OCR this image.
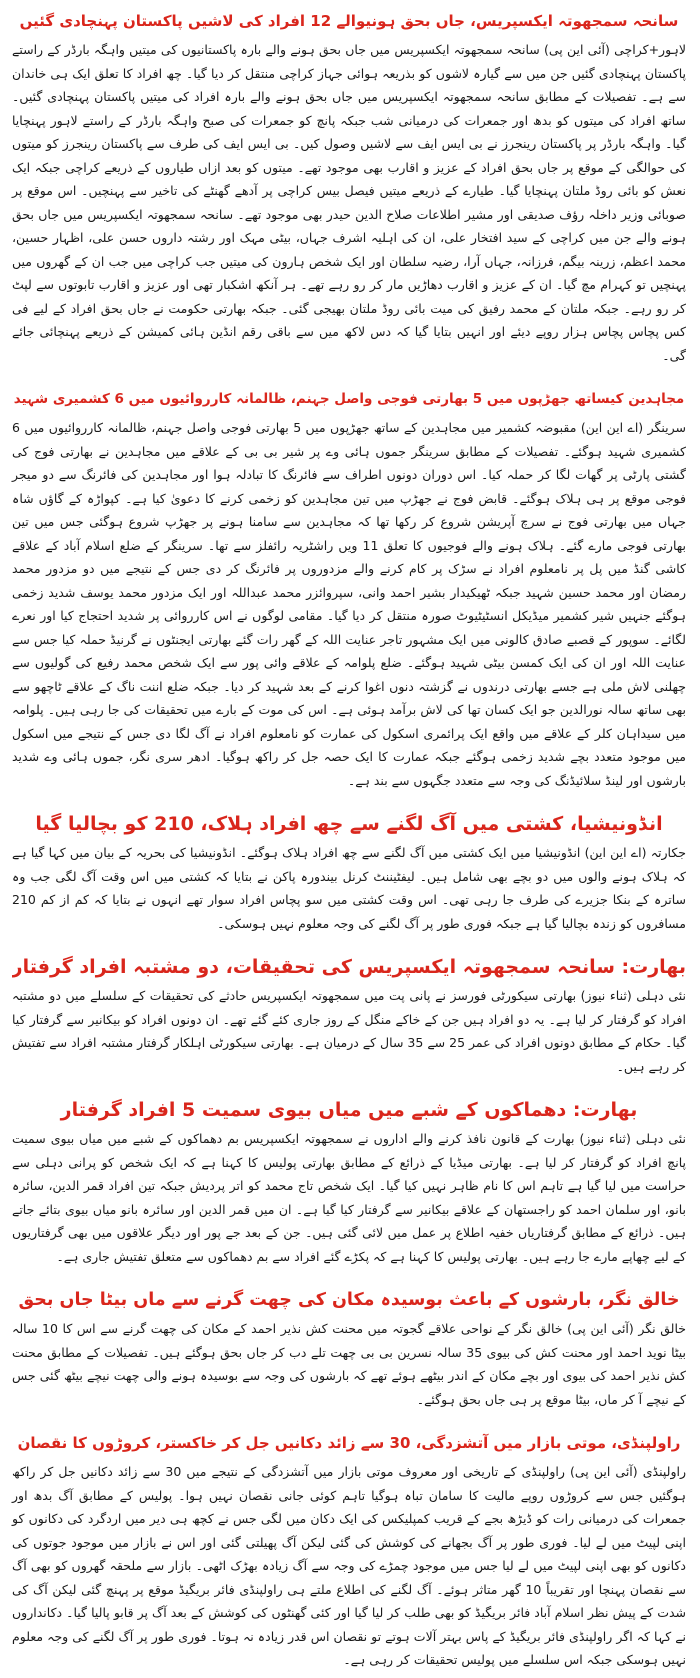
سانحہ سمجھوتہ ایکسپریس، جاں بحق ہونیوالے 12 افراد کی لاشیں پاکستان پہنچادی گئیں

لاہور+کراچی (آئی این پی) سانحہ سمجھوتہ ایکسپریس میں جاں بحق ہونے والے بارہ پاکستانیوں کی میتیں واہگہ بارڈر کے راستے پاکستان پہنچادی گئیں جن میں سے گیارہ لاشوں کو بذریعہ ہوائی جہاز کراچی منتقل کر دیا گیا۔ چھ افراد کا تعلق ایک ہی خاندان سے ہے۔ تفصیلات کے مطابق سانحہ سمجھوتہ ایکسپریس میں جاں بحق ہونے والے بارہ افراد کی میتیں پاکستان پہنچادی گئیں۔ ساتھ افراد کی میتوں کو بدھ اور جمعرات کی درمیانی شب جبکہ پانچ کو جمعرات کی صبح واہگہ بارڈر کے راستے لاہور پہنچایا گیا۔ واہگہ بارڈر پر پاکستان رینجرز نے بی ایس ایف سے لاشیں وصول کیں۔ بی ایس ایف کی طرف سے پاکستان رینجرز کو میتوں کی حوالگی کے موقع پر جاں بحق افراد کے عزیز و اقارب بھی موجود تھے۔ میتوں کو بعد ازاں طیاروں کے ذریعے کراچی جبکہ ایک نعش کو بائی روڈ ملتان پہنچایا گیا۔ طیارے کے ذریعے میتیں فیصل بیس کراچی پر آدھے گھنٹے کی تاخیر سے پہنچیں۔ اس موقع پر صوبائی وزیر داخلہ رؤف صدیقی اور مشیر اطلاعات صلاح الدین حیدر بھی موجود تھے۔ سانحہ سمجھوتہ ایکسپریس میں جاں بحق ہونے والے جن میں کراچی کے سید افتخار علی، ان کی اہلیہ اشرف جہاں، بیٹی مہک اور رشتہ داروں حسن علی، اظہار حسین، محمد اعظم، زرینہ بیگم، فرزانہ، جہاں آرا، رضیہ سلطان اور ایک شخص ہارون کی میتیں جب کراچی میں جب ان کے گھروں میں پہنچیں تو کہرام مچ گیا۔ ان کے عزیز و اقارب دھاڑیں مار کر رو رہے تھے۔ ہر آنکھ اشکبار تھی اور عزیز و اقارب تابوتوں سے لپٹ کر رو رہے۔ جبکہ ملتان کے محمد رفیق کی میت بائی روڈ ملتان بھیجی گئی۔ جبکہ بھارتی حکومت نے جاں بحق افراد کے لیے فی کس پچاس پچاس ہزار روپے دیئے اور انہیں بتایا گیا کہ دس لاکھ میں سے باقی رقم انڈین ہائی کمیشن کے ذریعے پہنچائی جائے گی۔

مجاہدین کیساتھ جھڑپوں میں 5 بھارتی فوجی واصل جہنم، ظالمانہ کارروائیوں میں 6 کشمیری شہید

سرینگر (اے این این) مقبوضہ کشمیر میں مجاہدین کے ساتھ جھڑپوں میں 5 بھارتی فوجی واصل جہنم، ظالمانہ کارروائیوں میں 6 کشمیری شہید ہوگئے۔ تفصیلات کے مطابق سرینگر جموں ہائی وے پر شیر بی بی کے علاقے میں مجاہدین نے بھارتی فوج کی گشتی پارٹی پر گھات لگا کر حملہ کیا۔ اس دوران دونوں اطراف سے فائرنگ کا تبادلہ ہوا اور مجاہدین کی فائرنگ سے دو میجر فوجی موقع پر ہی ہلاک ہوگئے۔ قابض فوج نے جھڑپ میں تین مجاہدین کو زخمی کرنے کا دعویٰ کیا ہے۔ کپواڑہ کے گاؤں شاہ جہاں میں بھارتی فوج نے سرچ آپریشن شروع کر رکھا تھا کہ مجاہدین سے سامنا ہونے پر جھڑپ شروع ہوگئی جس میں تین بھارتی فوجی مارے گئے۔ ہلاک ہونے والے فوجیوں کا تعلق 11 ویں راشٹریہ رائفلز سے تھا۔ سرینگر کے ضلع اسلام آباد کے علاقے کاشی گنڈ میں پل پر نامعلوم افراد نے سڑک پر کام کرنے والے مزدوروں پر فائرنگ کر دی جس کے نتیجے میں دو مزدور محمد رمضان اور محمد حسین شہید جبکہ ٹھیکیدار بشیر احمد وانی، سپروائزر محمد عبداللہ اور ایک مزدور محمد یوسف شدید زخمی ہوگئے جنہیں شیر کشمیر میڈیکل انسٹیٹیوٹ صورہ منتقل کر دیا گیا۔ مقامی لوگوں نے اس کارروائی پر شدید احتجاج کیا اور نعرے لگائے۔ سوپور کے قصبے صادق کالونی میں ایک مشہور تاجر عنایت اللہ کے گھر رات گئے بھارتی ایجنٹوں نے گرنیڈ حملہ کیا جس سے عنایت اللہ اور ان کی ایک کمسن بیٹی شہید ہوگئے۔ ضلع پلوامہ کے علاقے وائی پور سے ایک شخص محمد رفیع کی گولیوں سے چھلنی لاش ملی ہے جسے بھارتی درندوں نے گزشتہ دنوں اغوا کرنے کے بعد شہید کر دیا۔ جبکہ ضلع اننت ناگ کے علاقے ٹاچھو سے بھی ساتھ سالہ نورالدین جو ایک کسان تھا کی لاش برآمد ہوئی ہے۔ اس کی موت کے بارے میں تحقیقات کی جا رہی ہیں۔ پلوامہ میں سیداہان کلر کے علاقے میں واقع ایک پرائمری اسکول کی عمارت کو نامعلوم افراد نے آگ لگا دی جس کے نتیجے میں اسکول میں موجود متعدد بچے شدید زخمی ہوگئے جبکہ عمارت کا ایک حصہ جل کر راکھ ہوگیا۔ ادھر سری نگر، جموں ہائی وے شدید بارشوں اور لینڈ سلائیڈنگ کی وجہ سے متعدد جگہوں سے بند ہے۔

انڈونیشیا، کشتی میں آگ لگنے سے چھ افراد ہلاک، 210 کو بچالیا گیا

جکارتہ (اے این این) انڈونیشیا میں ایک کشتی میں آگ لگنے سے چھ افراد ہلاک ہوگئے۔ انڈونیشیا کی بحریہ کے بیان میں کہا گیا ہے کہ ہلاک ہونے والوں میں دو بچے بھی شامل ہیں۔ لیفٹیننٹ کرنل بیندورہ پاکن نے بتایا کہ کشتی میں اس وقت آگ لگی جب وہ ساترہ کے بنکا جزیرے کی طرف جا رہی تھی۔ اس وقت کشتی میں سو پچاس افراد سوار تھے انہوں نے بتایا کہ کم از کم 210 مسافروں کو زندہ بچالیا گیا ہے جبکہ فوری طور پر آگ لگنے کی وجہ معلوم نہیں ہوسکی۔

بھارت: سانحہ سمجھوتہ ایکسپریس کی تحقیقات، دو مشتبہ افراد گرفتار

نئی دہلی (ثناء نیوز) بھارتی سیکورٹی فورسز نے پانی پت میں سمجھوتہ ایکسپریس حادثے کی تحقیقات کے سلسلے میں دو مشتبہ افراد کو گرفتار کر لیا ہے۔ یہ دو افراد ہیں جن کے خاکے منگل کے روز جاری کئے گئے تھے۔ ان دونوں افراد کو بیکانیر سے گرفتار کیا گیا۔ حکام کے مطابق دونوں افراد کی عمر 25 سے 35 سال کے درمیان ہے۔ بھارتی سیکورٹی اہلکار گرفتار مشتبہ افراد سے تفتیش کر رہے ہیں۔

بھارت: دھماکوں کے شبے میں میاں بیوی سمیت 5 افراد گرفتار

نئی دہلی (ثناء نیوز) بھارت کے قانون نافذ کرنے والے اداروں نے سمجھوتہ ایکسپریس بم دھماکوں کے شبے میں میاں بیوی سمیت پانچ افراد کو گرفتار کر لیا ہے۔ بھارتی میڈیا کے ذرائع کے مطابق بھارتی پولیس کا کہنا ہے کہ ایک شخص کو پرانی دہلی سے حراست میں لیا گیا ہے تاہم اس کا نام ظاہر نہیں کیا گیا۔ ایک شخص تاج محمد کو اتر پردیش جبکہ تین افراد قمر الدین، سائرہ بانو، اور سلمان احمد کو راجستھان کے علاقے بیکانیر سے گرفتار کیا گیا ہے۔ ان میں قمر الدین اور سائرہ بانو میاں بیوی بتائے جاتے ہیں۔ ذرائع کے مطابق گرفتاریاں خفیہ اطلاع پر عمل میں لائی گئی ہیں۔ جن کے بعد جے پور اور دیگر علاقوں میں بھی گرفتاریوں کے لیے چھاپے مارے جا رہے ہیں۔ بھارتی پولیس کا کہنا ہے کہ پکڑے گئے افراد سے بم دھماکوں سے متعلق تفتیش جاری ہے۔

خالق نگر، بارشوں کے باعث بوسیدہ مکان کی چھت گرنے سے ماں بیٹا جاں بحق

خالق نگر (آئی این پی) خالق نگر کے نواحی علاقے گجوتہ میں محنت کش نذیر احمد کے مکان کی چھت گرنے سے اس کا 10 سالہ بیٹا نوید احمد اور محنت کش کی بیوی 35 سالہ نسرین بی بی چھت تلے دب کر جاں بحق ہوگئے ہیں۔ تفصیلات کے مطابق محنت کش نذیر احمد کی بیوی اور بچے مکان کے اندر بیٹھے ہوئے تھے کہ بارشوں کی وجہ سے بوسیدہ ہونے والی چھت نیچے بیٹھ گئی جس کے نیچے آ کر ماں، بیٹا موقع پر ہی جاں بحق ہوگئے۔

راولپنڈی، موتی بازار میں آتشزدگی، 30 سے زائد دکانیں جل کر خاکستر، کروڑوں کا نقصان

راولپنڈی (آئی این پی) راولپنڈی کے تاریخی اور معروف موتی بازار میں آتشزدگی کے نتیجے میں 30 سے زائد دکانیں جل کر راکھ ہوگئیں جس سے کروڑوں روپے مالیت کا سامان تباہ ہوگیا تاہم کوئی جانی نقصان نہیں ہوا۔ پولیس کے مطابق آگ بدھ اور جمعرات کی درمیانی رات کو ڈیڑھ بجے کے قریب کمپلیکس کی ایک دکان میں لگی جس نے کچھ ہی دیر میں اردگرد کی دکانوں کو اپنی لپیٹ میں لے لیا۔ فوری طور پر آگ بجھانے کی کوشش کی گئی لیکن آگ پھیلتی گئی اور اس نے بازار میں موجود جوتوں کی دکانوں کو بھی اپنی لپیٹ میں لے لیا جس میں موجود چمڑے کی وجہ سے آگ زیادہ بھڑک اٹھی۔ بازار سے ملحقہ گھروں کو بھی آگ سے نقصان پہنچا اور تقریباً 10 گھر متاثر ہوئے۔ آگ لگنے کی اطلاع ملتے ہی راولپنڈی فائر بریگیڈ موقع پر پہنچ گئی لیکن آگ کی شدت کے پیش نظر اسلام آباد فائر بریگیڈ کو بھی طلب کر لیا گیا اور کئی گھنٹوں کی کوشش کے بعد آگ پر قابو پالیا گیا۔ دکانداروں نے کہا کہ اگر راولپنڈی فائر بریگیڈ کے پاس بہتر آلات ہوتے تو نقصان اس قدر زیادہ نہ ہوتا۔ فوری طور پر آگ لگنے کی وجہ معلوم نہیں ہوسکی جبکہ اس سلسلے میں پولیس تحقیقات کر رہی ہے۔
